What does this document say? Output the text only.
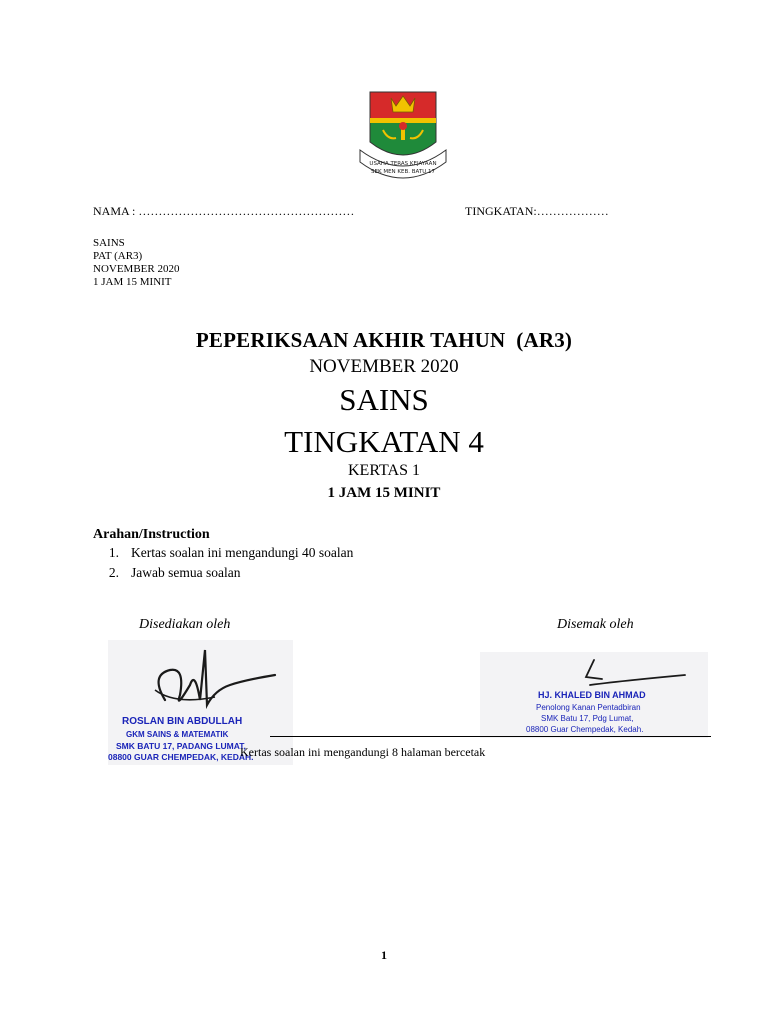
USAHA TERAS KEJAYAAN
SEK MEN KEB. BATU 17
NAMA : ………………………………………………	TINGKATAN:………………
SAINS
PAT (AR3)
NOVEMBER 2020
1 JAM 15 MINIT
PEPERIKSAAN AKHIR TAHUN  (AR3)
NOVEMBER 2020
SAINS
TINGKATAN 4
KERTAS 1
1 JAM 15 MINIT
Arahan/Instruction
1. Kertas soalan ini mengandungi 40 soalan
2. Jawab semua soalan
Disediakan oleh	Disemak oleh
ROSLAN BIN ABDULLAH
GKM SAINS & MATEMATIK
SMK BATU 17, PADANG LUMAT,
08800 GUAR CHEMPEDAK, KEDAH.
HJ. KHALED BIN AHMAD
Penolong Kanan Pentadbiran
SMK Batu 17, Pdg Lumat,
08800 Guar Chempedak, Kedah.
Kertas soalan ini mengandungi 8 halaman bercetak
1
